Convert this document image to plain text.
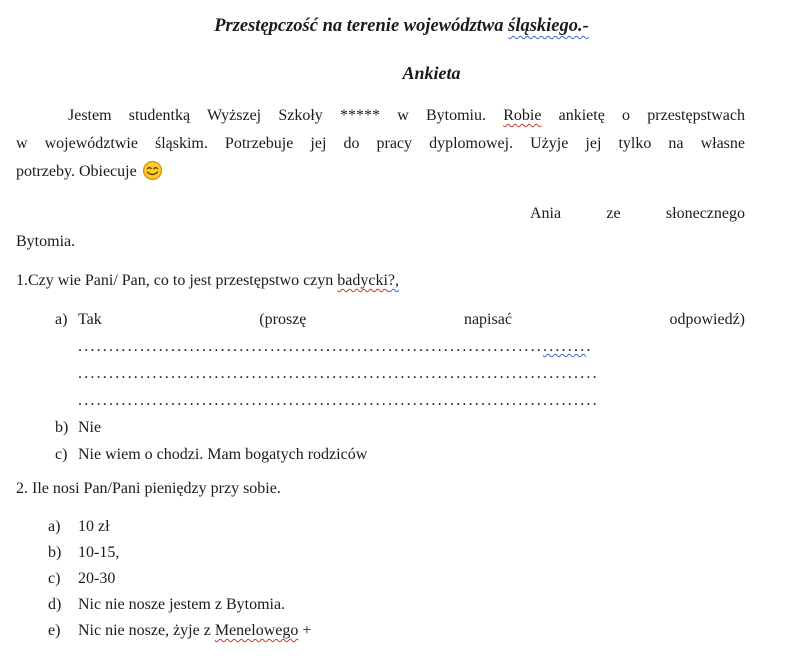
Przestępczość na terenie województwa śląskiego.-
Ankieta
Jestem studentką Wyższej Szkoły ***** w Bytomiu. Robie ankietę o przestępstwach
w województwie śląskim. Potrzebuje jej do pracy dyplomowej. Użyje jej tylko na własne
potrzeby. Obiecuje
Ania ze słonecznego
Bytomia.
1.Czy wie Pani/ Pan, co to jest przestępstwo czyn badycki?,
a) Tak (proszę napisać odpowiedź)
...................................................................................
....................................................................................
....................................................................................
b) Nie
c) Nie wiem o chodzi. Mam bogatych rodziców
2. Ile nosi Pan/Pani pieniędzy przy sobie.
a)	10 zł
b)	10-15,
c)	20-30
d)	Nic nie nosze jestem z Bytomia.
e)	Nic nie nosze, żyje z Menelowego +
